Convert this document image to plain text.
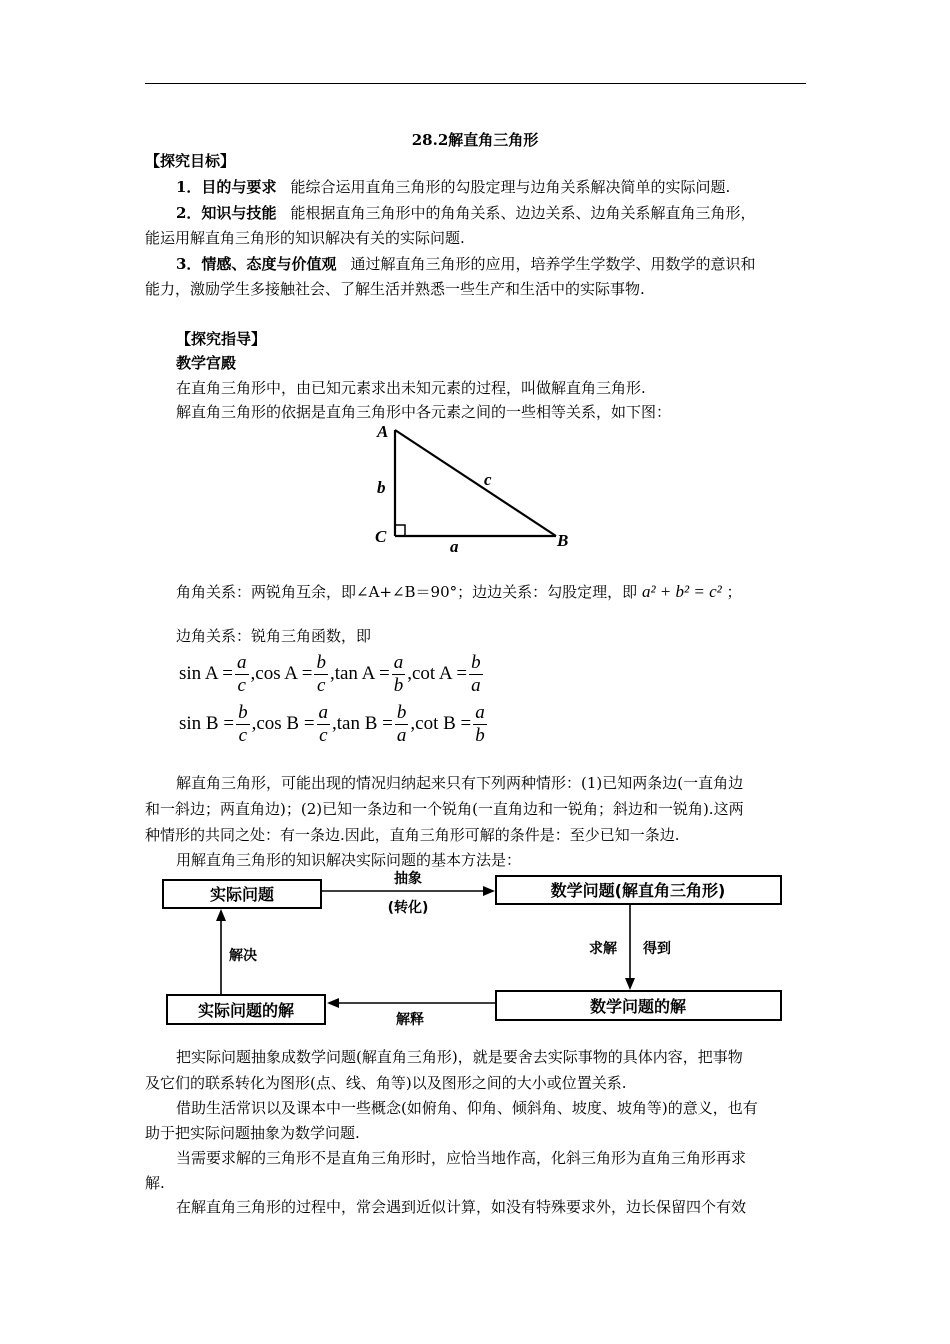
28.2解直角三角形
【探究目标】
1．目的与要求 能综合运用直角三角形的勾股定理与边角关系解决简单的实际问题.
2．知识与技能 能根据直角三角形中的角角关系、边边关系、边角关系解直角三角形，
能运用解直角三角形的知识解决有关的实际问题.
3．情感、态度与价值观 通过解直角三角形的应用，培养学生学数学、用数学的意识和
能力，激励学生多接触社会、了解生活并熟悉一些生产和生活中的实际事物.
【探究指导】
教学宫殿
在直角三角形中，由已知元素求出未知元素的过程，叫做解直角三角形.
解直角三角形的依据是直角三角形中各元素之间的一些相等关系，如下图：
A
B
C
a
b	c
角角关系：两锐角互余，即∠A+∠B＝90°；边边关系：勾股定理，即 a² + b² = c² ；
边角关系：锐角三角函数，即
$\sin A = \frac{a}{c} ,\cos$ $A = \frac{b}{c} ,\tan$ $A = \frac{a}{b} ,\cot$ $A = \frac{b}{a}$
$\sin B = \frac{b}{c} ,\cos$ $B = \frac{a}{c} ,\tan$ $B = \frac{b}{a} ,\cot$ $B = \frac{a}{b}$
解直角三角形，可能出现的情况归纳起来只有下列两种情形：(1)已知两条边(一直角边
和一斜边；两直角边)；(2)已知一条边和一个锐角(一直角边和一锐角；斜边和一锐角).这两
种情形的共同之处：有一条边.因此，直角三角形可解的条件是：至少已知一条边.
用解直角三角形的知识解决实际问题的基本方法是：
实际问题	数学问题(解直角三角形)
数学问题的解
实际问题的解
抽象
(转化)
求解 得到
解释
解决
把实际问题抽象成数学问题(解直角三角形)，就是要舍去实际事物的具体内容，把事物
及它们的联系转化为图形(点、线、角等)以及图形之间的大小或位置关系.
借助生活常识以及课本中一些概念(如俯角、仰角、倾斜角、坡度、坡角等)的意义，也有
助于把实际问题抽象为数学问题.
当需要求解的三角形不是直角三角形时，应恰当地作高，化斜三角形为直角三角形再求
解.
在解直角三角形的过程中，常会遇到近似计算，如没有特殊要求外，边长保留四个有效
